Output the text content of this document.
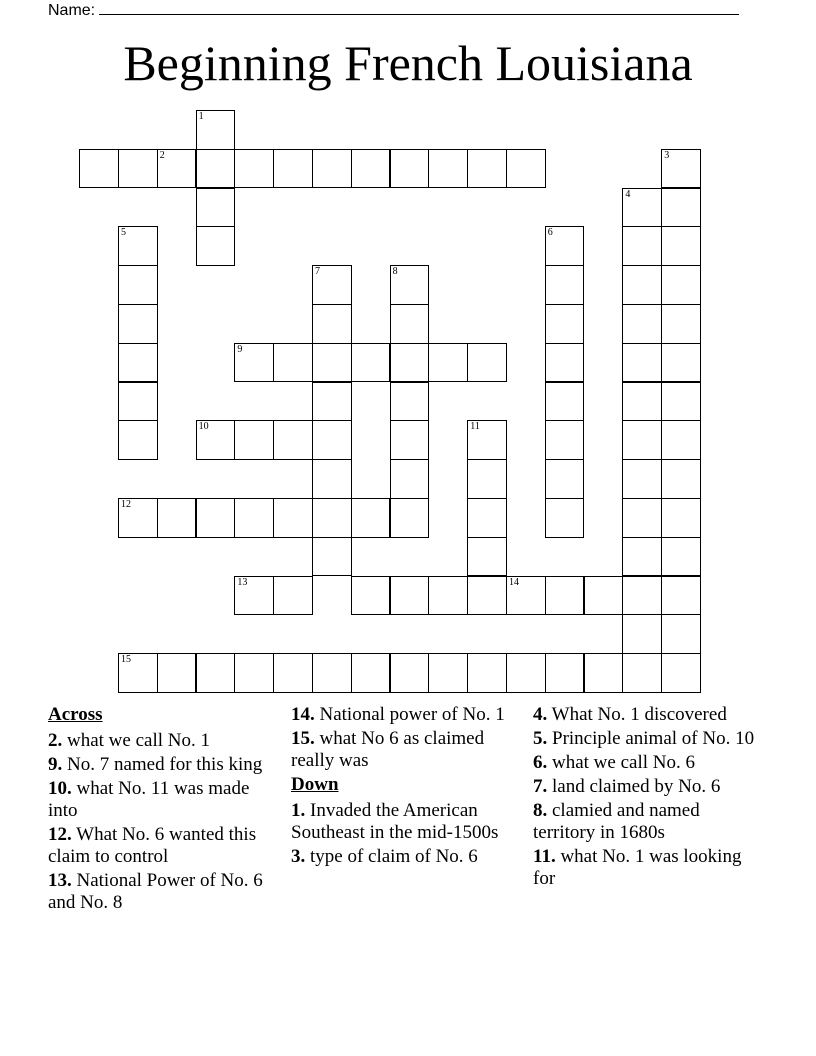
Name:
Beginning French Louisiana
2
1
3
4
5	6
7	8
9
10	11
12
13	14
15
Across
2. what we call No. 1
9. No. 7 named for this king
10. what No. 11 was made into
12. What No. 6 wanted this claim to control
13. National Power of No. 6 and No. 8
14. National power of No. 1
15. what No 6 as claimed really was
Down
1. Invaded the American Southeast in the mid-1500s
3. type of claim of No. 6
4. What No. 1 discovered
5. Principle animal of No. 10
6. what we call No. 6
7. land claimed by No. 6
8. clamied and named territory in 1680s
11. what No. 1 was looking for
